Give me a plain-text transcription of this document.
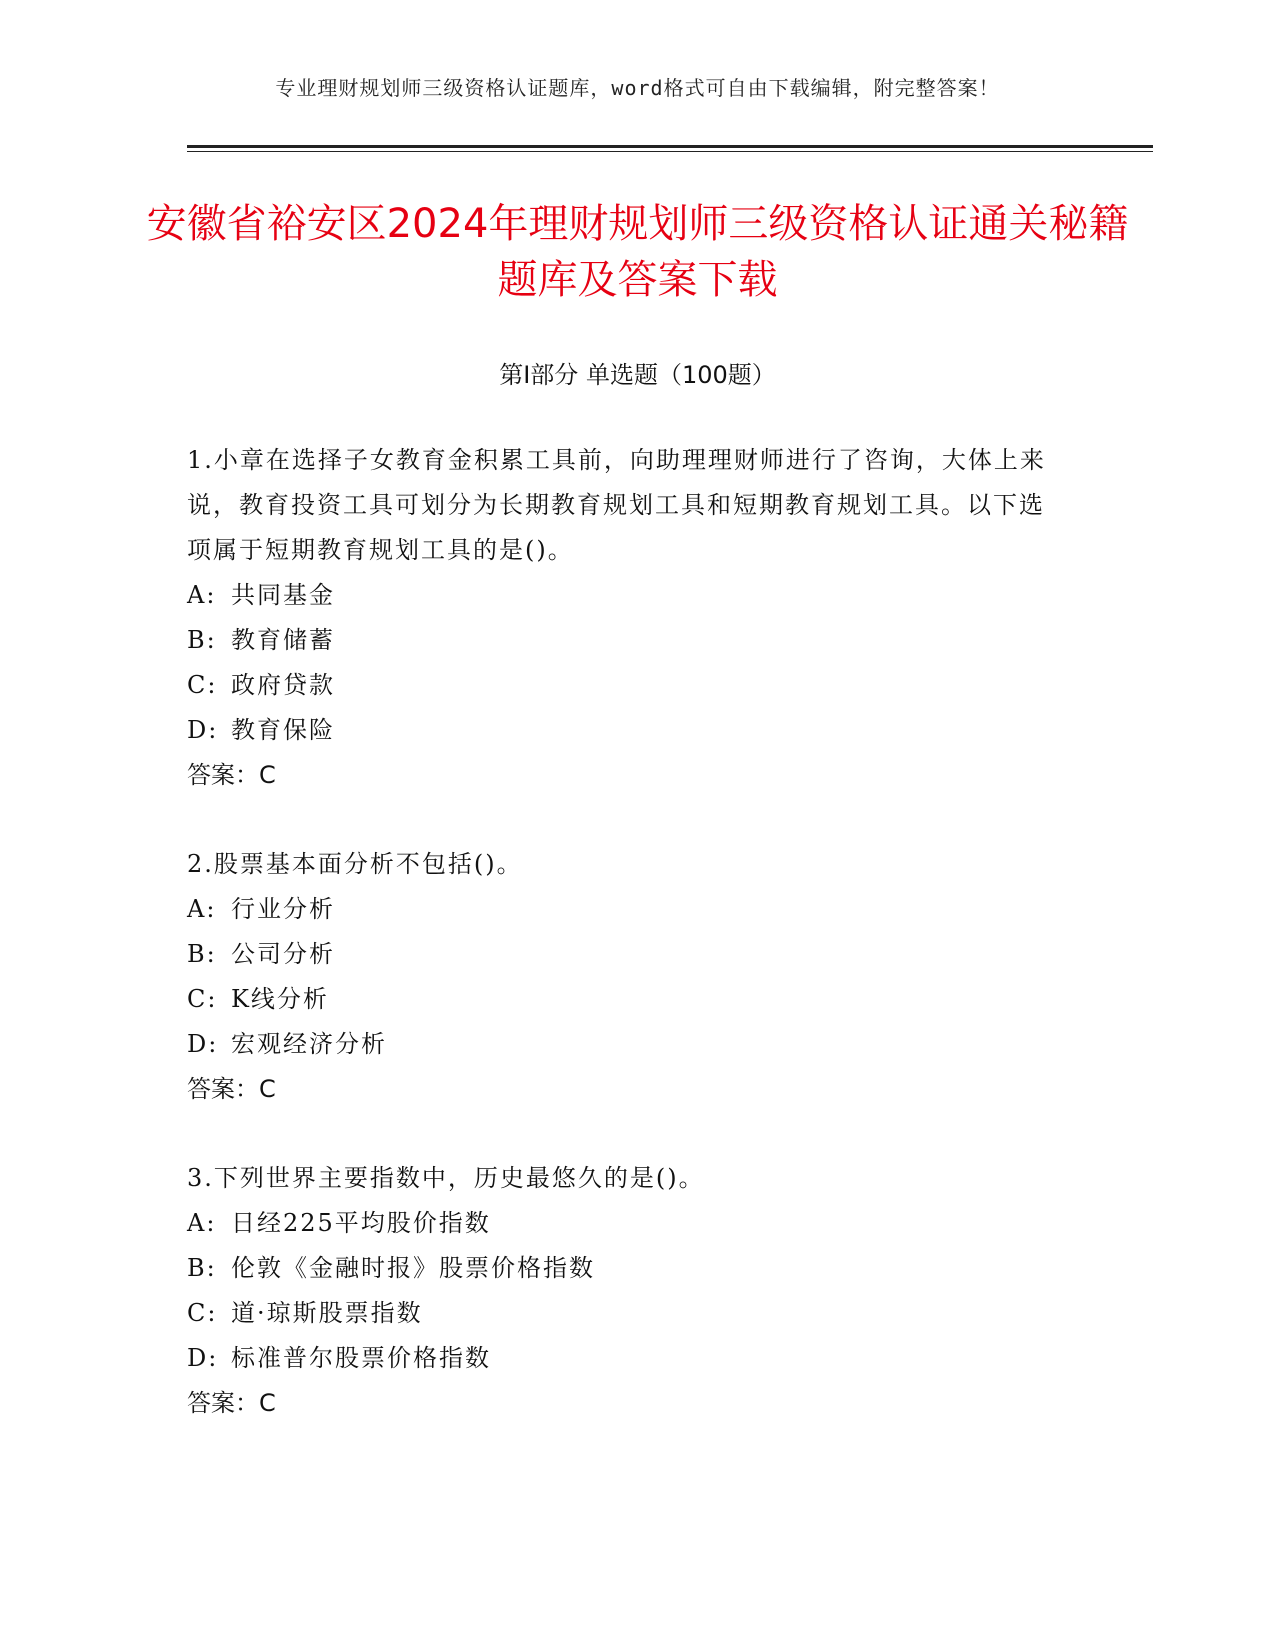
专业理财规划师三级资格认证题库，word格式可自由下载编辑，附完整答案！
安徽省裕安区2024年理财规划师三级资格认证通关秘籍题库及答案下载
第Ⅰ部分 单选题（100题）

1.小章在选择子女教育金积累工具前，向助理理财师进行了咨询，大体上来说，教育投资工具可划分为长期教育规划工具和短期教育规划工具。以下选项属于短期教育规划工具的是()。

A: 共同基金

B: 教育储蓄

C: 政府贷款

D: 教育保险

答案：C

2.股票基本面分析不包括()。

A: 行业分析

B: 公司分析

C: K线分析

D: 宏观经济分析

答案：C

3.下列世界主要指数中，历史最悠久的是()。

A: 日经225平均股价指数

B: 伦敦《金融时报》股票价格指数

C: 道·琼斯股票指数

D: 标准普尔股票价格指数

答案：C
